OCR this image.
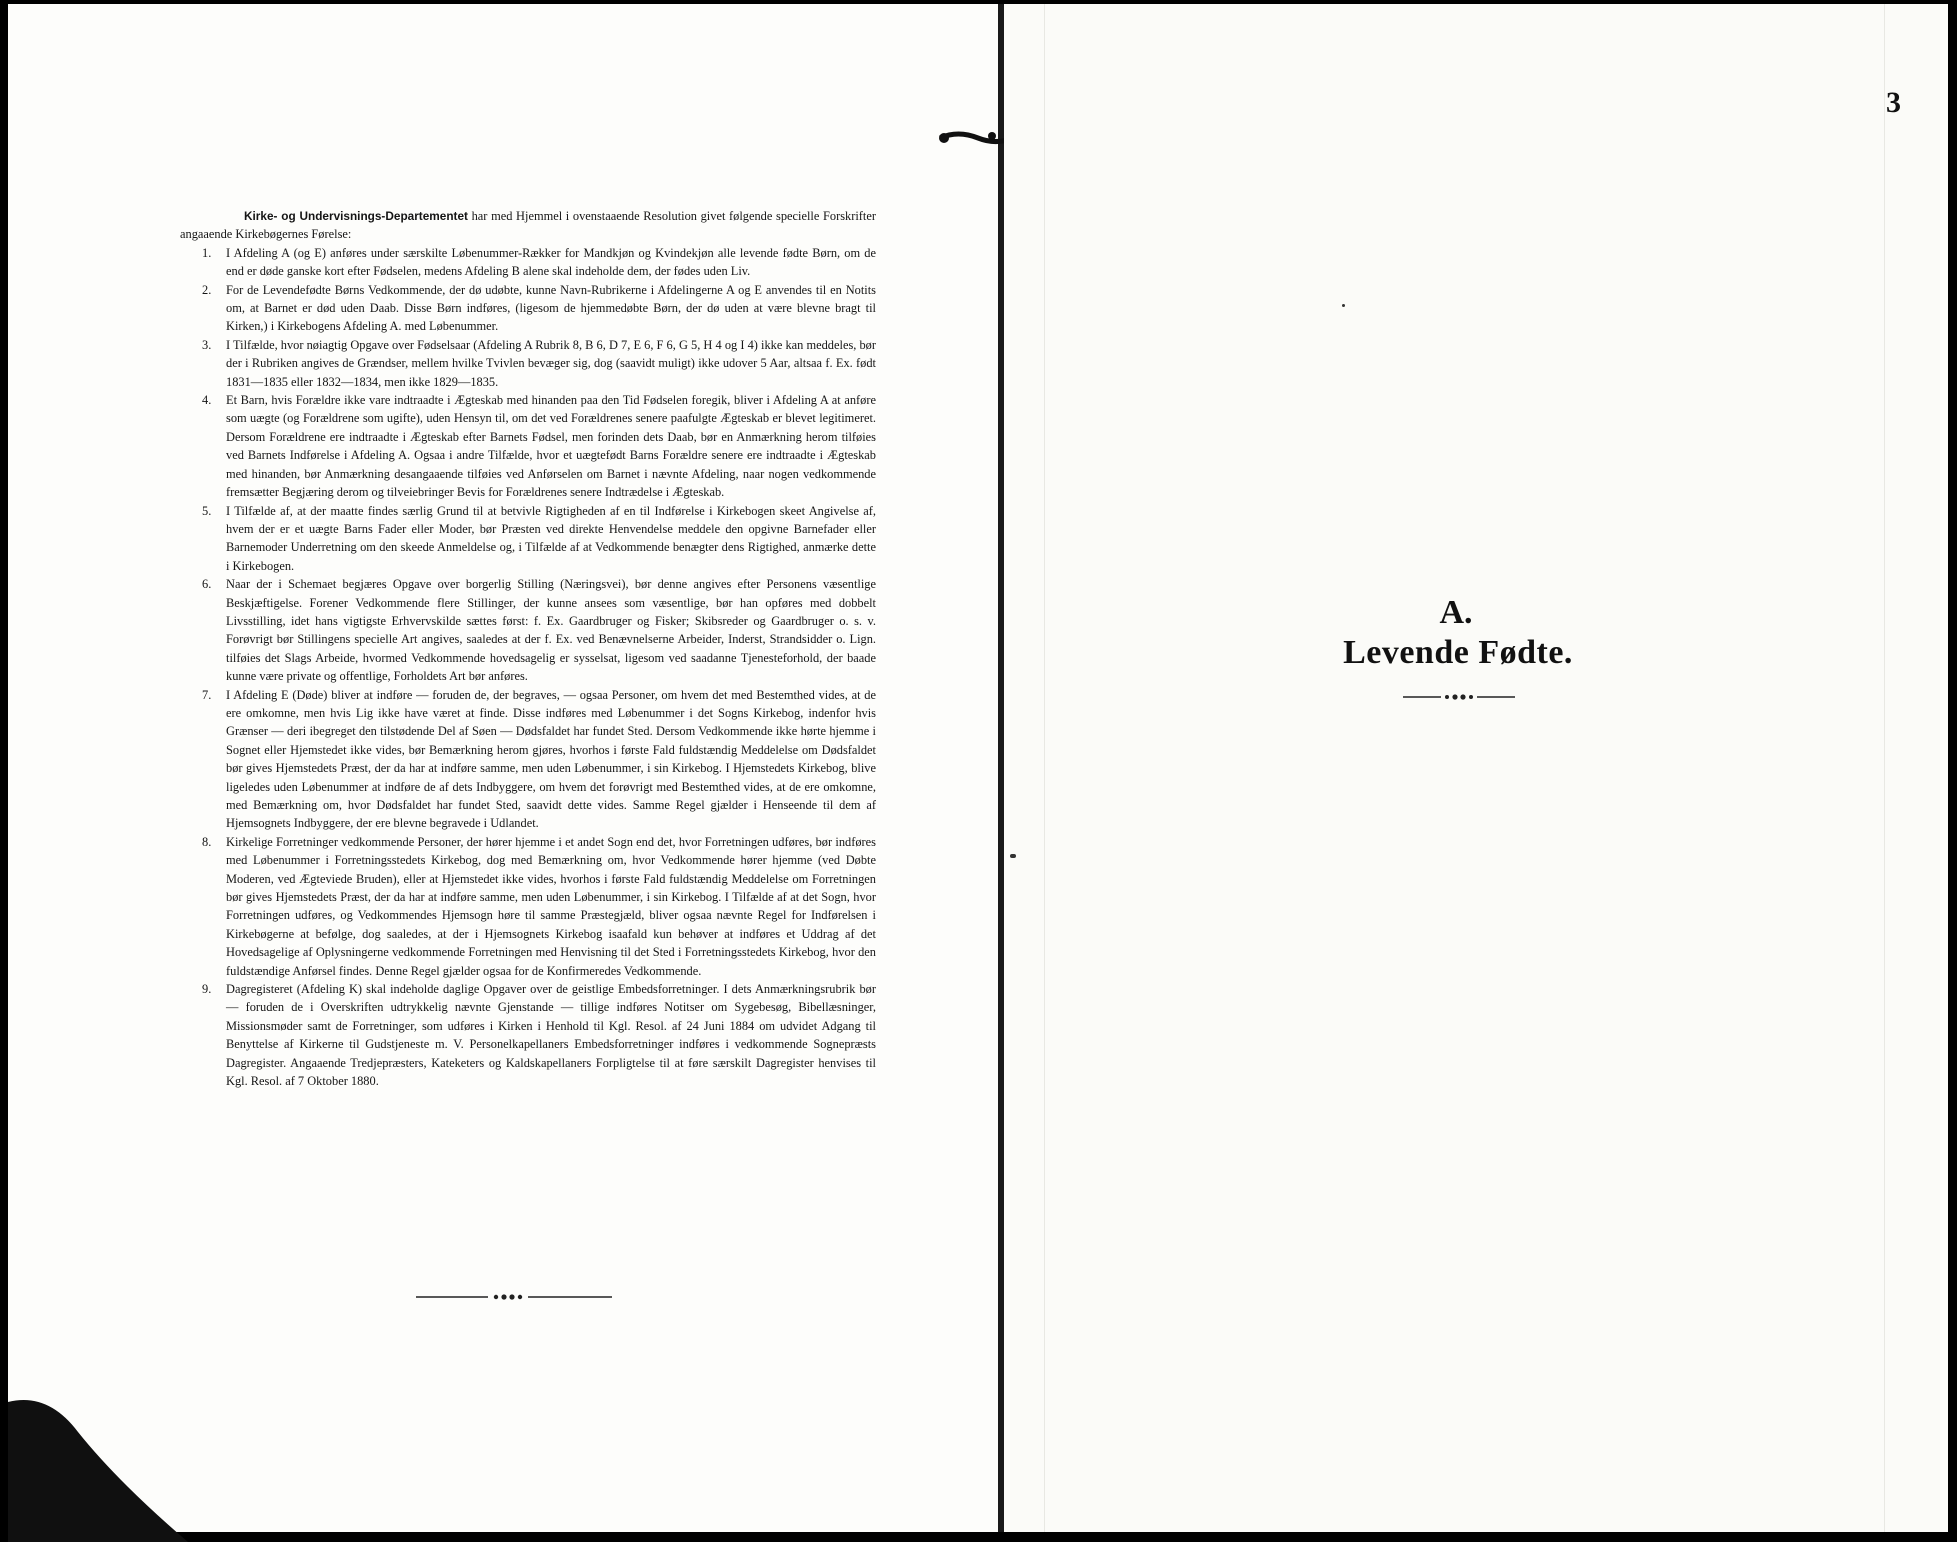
Kirke- og Undervisnings-Departementet har med Hjemmel i ovenstaaende Resolution givet følgende specielle Forskrifter angaaende Kirkebøgernes Førelse:

1. I Afdeling A (og E) anføres under særskilte Løbenummer-Rækker for Mandkjøn og Kvindekjøn alle levende fødte Børn, om de end er døde ganske kort efter Fødselen, medens Afdeling B alene skal indeholde dem, der fødes uden Liv.
2. For de Levendefødte Børns Vedkommende, der dø udøbte, kunne Navn-Rubrikerne i Afdelingerne A og E anvendes til en Notits om, at Barnet er død uden Daab. Disse Børn indføres, (ligesom de hjemmedøbte Børn, der dø uden at være blevne bragt til Kirken,) i Kirkebogens Afdeling A. med Løbenummer.
3. I Tilfælde, hvor nøiagtig Opgave over Fødselsaar (Afdeling A Rubrik 8, B 6, D 7, E 6, F 6, G 5, H 4 og I 4) ikke kan meddeles, bør der i Rubriken angives de Grændser, mellem hvilke Tvivlen bevæger sig, dog (saavidt muligt) ikke udover 5 Aar, altsaa f. Ex. født 1831—1835 eller 1832—1834, men ikke 1829—1835.
4. Et Barn, hvis Forældre ikke vare indtraadte i Ægteskab med hinanden paa den Tid Fødselen foregik, bliver i Afdeling A at anføre som uægte (og Forældrene som ugifte), uden Hensyn til, om det ved Forældrenes senere paafulgte Ægteskab er blevet legitimeret. Dersom Forældrene ere indtraadte i Ægteskab efter Barnets Fødsel, men forinden dets Daab, bør en Anmærkning herom tilføies ved Barnets Indførelse i Afdeling A. Ogsaa i andre Tilfælde, hvor et uægtefødt Barns Forældre senere ere indtraadte i Ægteskab med hinanden, bør Anmærkning desangaaende tilføies ved Anførselen om Barnet i nævnte Afdeling, naar nogen vedkommende fremsætter Begjæring derom og tilveiebringer Bevis for Forældrenes senere Indtrædelse i Ægteskab.
5. I Tilfælde af, at der maatte findes særlig Grund til at betvivle Rigtigheden af en til Indførelse i Kirkebogen skeet Angivelse af, hvem der er et uægte Barns Fader eller Moder, bør Præsten ved direkte Henvendelse meddele den opgivne Barnefader eller Barnemoder Underretning om den skeede Anmeldelse og, i Tilfælde af at Vedkommende benægter dens Rigtighed, anmærke dette i Kirkebogen.
6. Naar der i Schemaet begjæres Opgave over borgerlig Stilling (Næringsvei), bør denne angives efter Personens væsentlige Beskjæftigelse. Forener Vedkommende flere Stillinger, der kunne ansees som væsentlige, bør han opføres med dobbelt Livsstilling, idet hans vigtigste Erhvervskilde sættes først: f. Ex. Gaardbruger og Fisker; Skibsreder og Gaardbruger o. s. v. Forøvrigt bør Stillingens specielle Art angives, saaledes at der f. Ex. ved Benævnelserne Arbeider, Inderst, Strandsidder o. Lign. tilføies det Slags Arbeide, hvormed Vedkommende hovedsagelig er sysselsat, ligesom ved saadanne Tjenesteforhold, der baade kunne være private og offentlige, Forholdets Art bør anføres.
7. I Afdeling E (Døde) bliver at indføre — foruden de, der begraves, — ogsaa Personer, om hvem det med Bestemthed vides, at de ere omkomne, men hvis Lig ikke have været at finde. Disse indføres med Løbenummer i det Sogns Kirkebog, indenfor hvis Grænser — deri ibegreget den tilstødende Del af Søen — Dødsfaldet har fundet Sted. Dersom Vedkommende ikke hørte hjemme i Sognet eller Hjemstedet ikke vides, bør Bemærkning herom gjøres, hvorhos i første Fald fuldstændig Meddelelse om Dødsfaldet bør gives Hjemstedets Præst, der da har at indføre samme, men uden Løbenummer, i sin Kirkebog. I Hjemstedets Kirkebog, blive ligeledes uden Løbenummer at indføre de af dets Indbyggere, om hvem det forøvrigt med Bestemthed vides, at de ere omkomne, med Bemærkning om, hvor Dødsfaldet har fundet Sted, saavidt dette vides. Samme Regel gjælder i Henseende til dem af Hjemsognets Indbyggere, der ere blevne begravede i Udlandet.
8. Kirkelige Forretninger vedkommende Personer, der hører hjemme i et andet Sogn end det, hvor Forretningen udføres, bør indføres med Løbenummer i Forretningsstedets Kirkebog, dog med Bemærkning om, hvor Vedkommende hører hjemme (ved Døbte Moderen, ved Ægteviede Bruden), eller at Hjemstedet ikke vides, hvorhos i første Fald fuldstændig Meddelelse om Forretningen bør gives Hjemstedets Præst, der da har at indføre samme, men uden Løbenummer, i sin Kirkebog. I Tilfælde af at det Sogn, hvor Forretningen udføres, og Vedkommendes Hjemsogn høre til samme Præstegjæld, bliver ogsaa nævnte Regel for Indførelsen i Kirkebøgerne at befølge, dog saaledes, at der i Hjemsognets Kirkebog isaafald kun behøver at indføres et Uddrag af det Hovedsagelige af Oplysningerne vedkommende Forretningen med Henvisning til det Sted i Forretningsstedets Kirkebog, hvor den fuldstændige Anførsel findes. Denne Regel gjælder ogsaa for de Konfirmeredes Vedkommende.
9. Dagregisteret (Afdeling K) skal indeholde daglige Opgaver over de geistlige Embedsforretninger. I dets Anmærkningsrubrik bør — foruden de i Overskriften udtrykkelig nævnte Gjenstande — tillige indføres Notitser om Sygebesøg, Bibellæsninger, Missionsmøder samt de Forretninger, som udføres i Kirken i Henhold til Kgl. Resol. af 24 Juni 1884 om udvidet Adgang til Benyttelse af Kirkerne til Gudstjeneste m. V. Personelkapellaners Embedsforretninger indføres i vedkommende Sognepræsts Dagregister. Angaaende Tredjepræsters, Kateketers og Kaldskapellaners Forpligtelse til at føre særskilt Dagregister henvises til Kgl. Resol. af 7 Oktober 1880.
3
A.
Levende Fødte.
